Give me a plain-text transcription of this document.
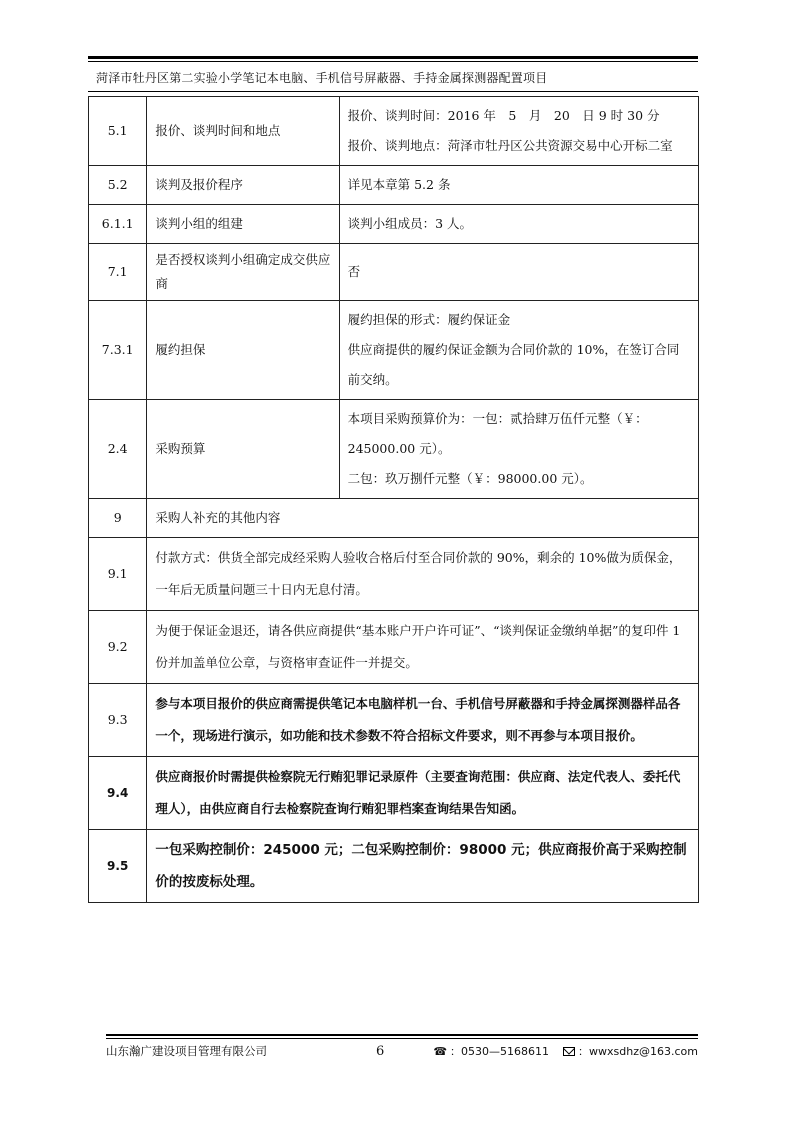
菏泽市牡丹区第二实验小学笔记本电脑、手机信号屏蔽器、手持金属探测器配置项目
5.1	报价、谈判时间和地点	报价、谈判时间：2016 年　5　月　20　日 9 时 30 分
报价、谈判地点：菏泽市牡丹区公共资源交易中心开标二室

5.2	谈判及报价程序	详见本章第 5.2 条

6.1.1	谈判小组的组建	谈判小组成员：3 人。

7.1	是否授权谈判小组确定成交供应商	否

7.3.1	履约担保	履约担保的形式：履约保证金
供应商提供的履约保证金额为合同价款的 10%，在签订合同前交纳。

2.4	采购预算	本项目采购预算价为：一包：贰拾肆万伍仟元整（￥：245000.00 元）。
二包：玖万捌仟元整（￥：98000.00 元）。

9	采购人补充的其他内容	
9.1	付款方式：供货全部完成经采购人验收合格后付至合同价款的 90%，剩余的 10%做为质保金，一年后无质量问题三十日内无息付清。	
9.2	为便于保证金退还，请各供应商提供“基本账户开户许可证”、“谈判保证金缴纳单据”的复印件 1 份并加盖单位公章，与资格审查证件一并提交。	
9.3	参与本项目报价的供应商需提供笔记本电脑样机一台、手机信号屏蔽器和手持金属探测器样品各一个，现场进行演示，如功能和技术参数不符合招标文件要求，则不再参与本项目报价。	
9.4	供应商报价时需提供检察院无行贿犯罪记录原件（主要查询范围：供应商、法定代表人、委托代理人），由供应商自行去检察院查询行贿犯罪档案查询结果告知函。	
9.5	一包采购控制价：245000 元；二包采购控制价：98000 元；供应商报价高于采购控制价的按废标处理。	
山东瀚广建设项目管理有限公司	6	☎ ：0530—5168611	：wwxsdhz@163.com
